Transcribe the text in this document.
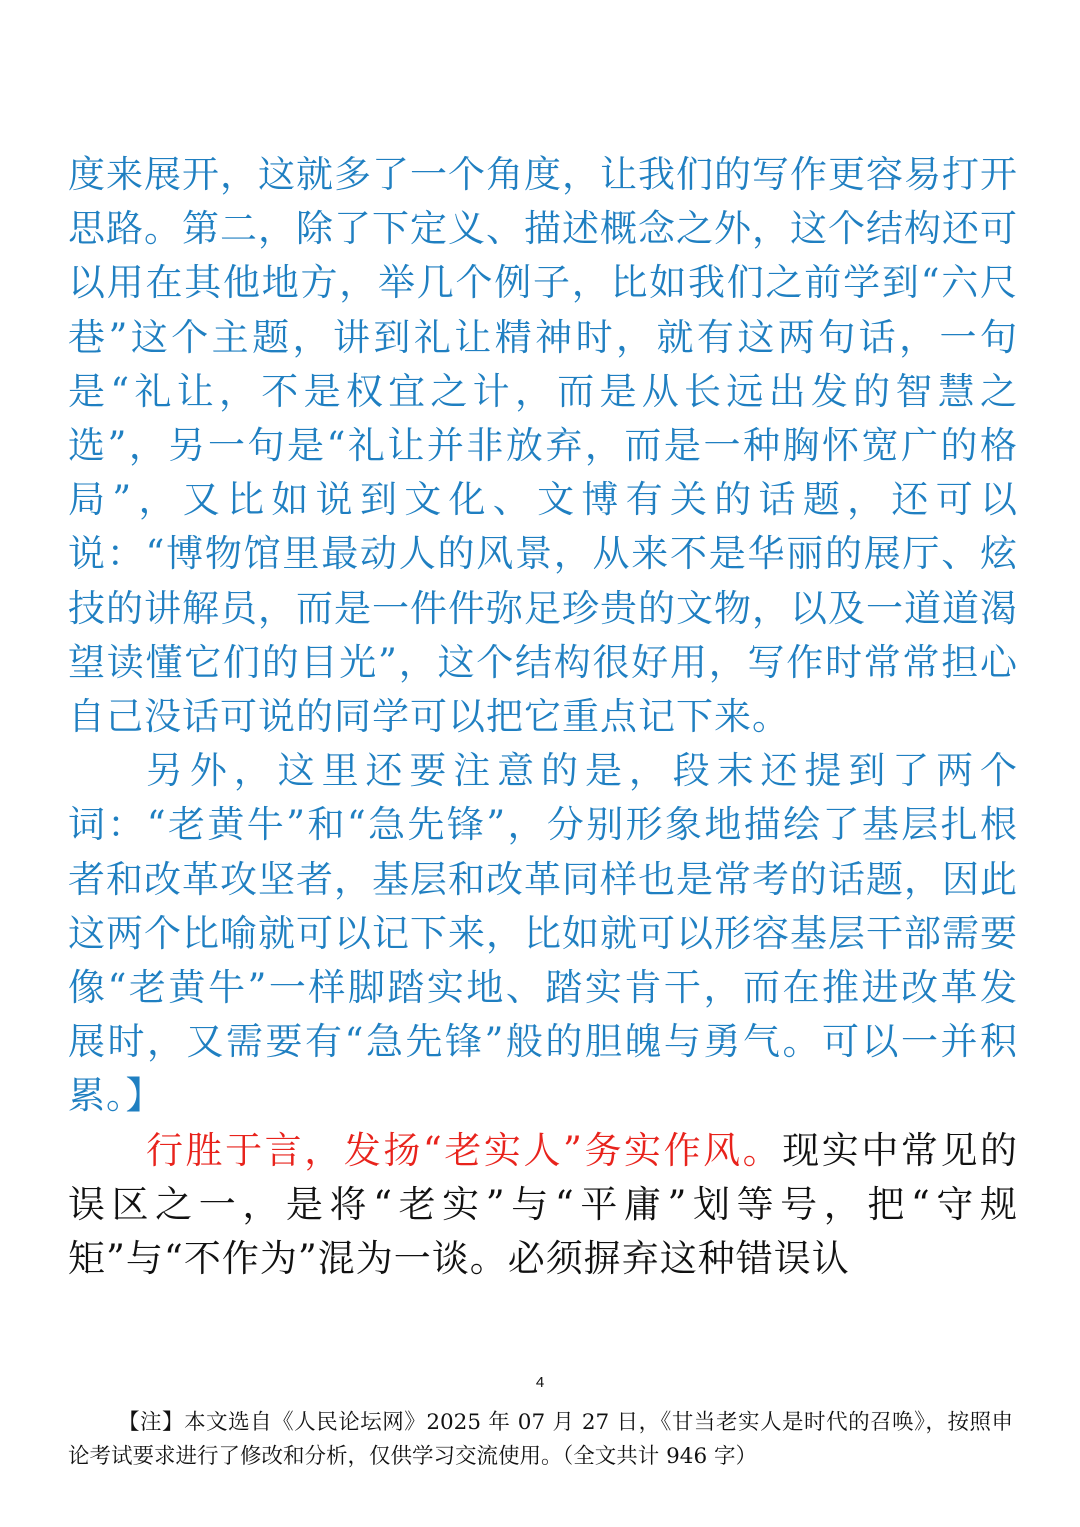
度来展开，这就多了一个角度，让我们的写作更容易打开思路。第二，除了下定义、描述概念之外，这个结构还可以用在其他地方，举几个例子，比如我们之前学到“六尺巷”这个主题，讲到礼让精神时，就有这两句话，一句是“礼让，不是权宜之计，而是从长远出发的智慧之选”，另一句是“礼让并非放弃，而是一种胸怀宽广的格局”，又比如说到文化、文博有关的话题，还可以说：“博物馆里最动人的风景，从来不是华丽的展厅、炫技的讲解员，而是一件件弥足珍贵的文物，以及一道道渴望读懂它们的目光”，这个结构很好用，写作时常常担心自己没话可说的同学可以把它重点记下来。

另外，这里还要注意的是，段末还提到了两个词：“老黄牛”和“急先锋”，分别形象地描绘了基层扎根者和改革攻坚者，基层和改革同样也是常考的话题，因此这两个比喻就可以记下来，比如就可以形容基层干部需要像“老黄牛”一样脚踏实地、踏实肯干，而在推进改革发展时，又需要有“急先锋”般的胆魄与勇气。可以一并积累。】

行胜于言，发扬“老实人”务实作风。现实中常见的误区之一，是将“老实”与“平庸”划等号，把“守规矩”与“不作为”混为一谈。必须摒弃这种错误认

4
【注】本文选自《人民论坛网》2025 年 07 月 27 日，《甘当老实人是时代的召唤》，按照申论考试要求进行了修改和分析，仅供学习交流使用。（全文共计 946 字）
